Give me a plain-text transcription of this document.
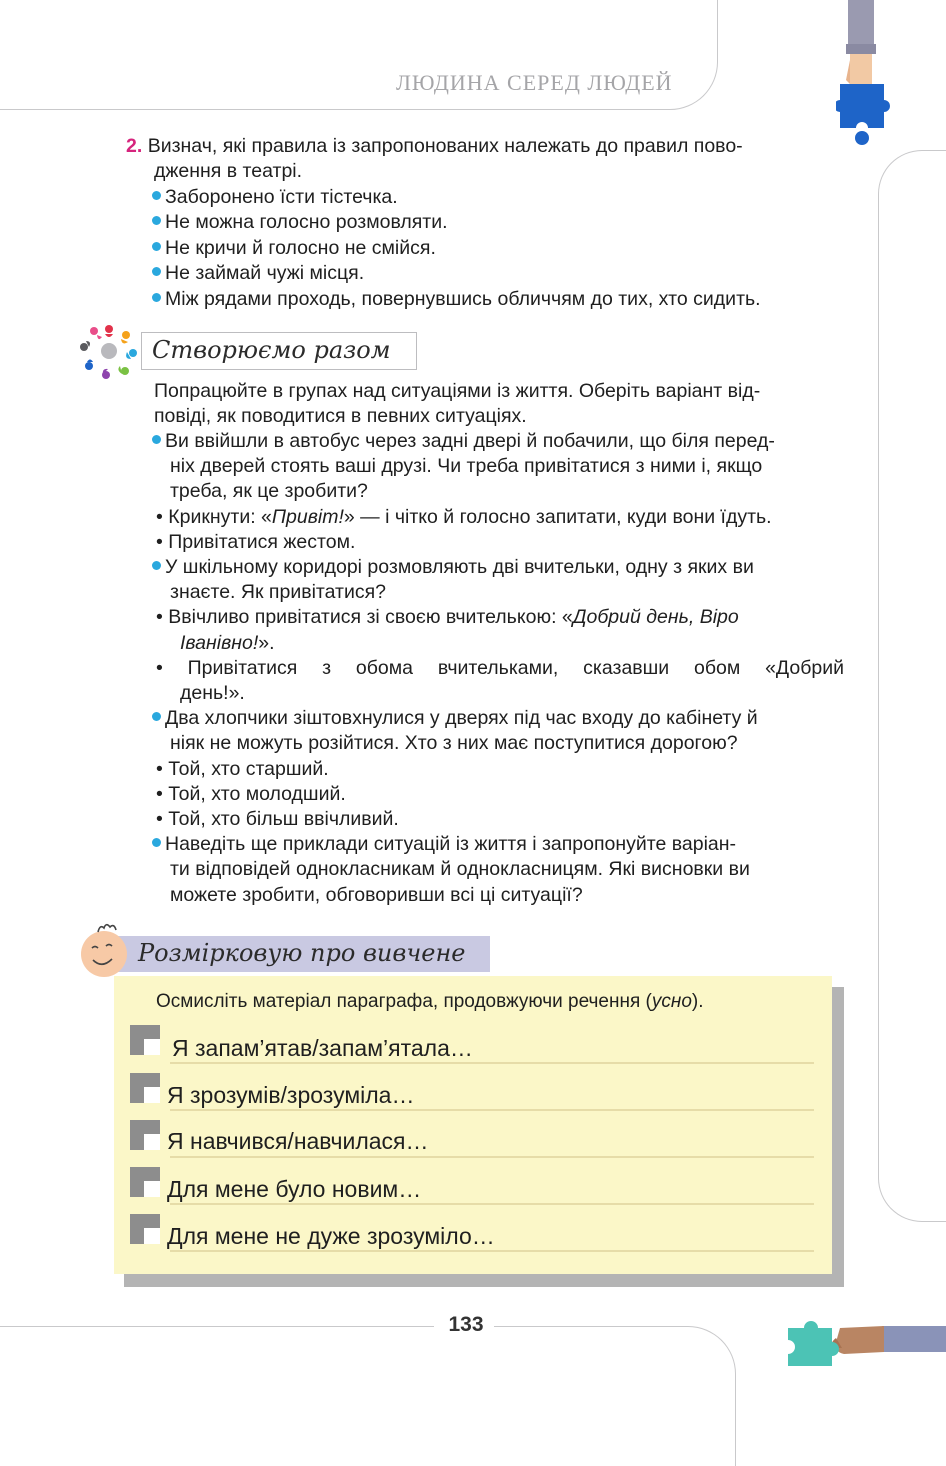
ЛЮДИНА СЕРЕД ЛЮДЕЙ
2. Визнач, які правила із запропонованих належать до правил пово-
дження в театрі.
Заборонено їсти тістечка.
Не можна голосно розмовляти.
Не кричи й голосно не смійся.
Не займай чужі місця.
Між рядами проходь, повернувшись обличчям до тих, хто сидить.
Створюємо разом
Попрацюйте в групах над ситуаціями із життя. Оберіть варіант від-
повіді, як поводитися в певних ситуаціях.
Ви ввійшли в автобус через задні двері й побачили, що біля перед-
ніх дверей стоять ваші друзі. Чи треба привітатися з ними і, якщо
треба, як це зробити?
• Крикнути: «Привіт!» — і чітко й голосно запитати, куди вони їдуть.
• Привітатися жестом.
У шкільному коридорі розмовляють дві вчительки, одну з яких ви
знаєте. Як привітатися?
• Ввічливо привітатися зі своєю вчителькою: «Добрий день, Віро
Іванівно!».
• Привітатися з обома вчительками, сказавши обом «Добрий
день!».
Два хлопчики зіштовхнулися у дверях під час входу до кабінету й
ніяк не можуть розійтися. Хто з них має поступитися дорогою?
• Той, хто старший.
• Той, хто молодший.
• Той, хто більш ввічливий.
Наведіть ще приклади ситуацій із життя і запропонуйте варіан-
ти відповідей однокласникам й однокласницям. Які висновки ви
можете зробити, обговоривши всі ці ситуації?
Розмірковую про вивчене
Осмисліть матеріал параграфа, продовжуючи речення (усно).
Я запам’ятав/запам’ятала…
Я зрозумів/зрозуміла…
Я навчився/навчилася…
Для мене було новим…
Для мене не дуже зрозуміло…
133
